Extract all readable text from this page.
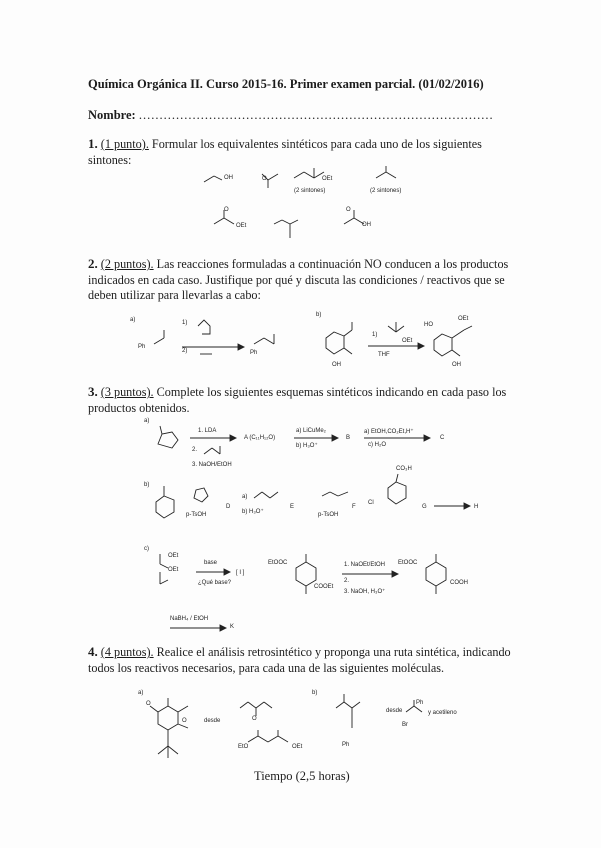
Química Orgánica II. Curso 2015-16. Primer examen parcial. (01/02/2016)
Nombre: ......................................................................................
1. (1 punto). Formular los equivalentes sintéticos para cada uno de los siguientes sintones:
OH	O	OEt
(2 sintones)	(2 sintones)
O
OEt
O
OH
2. (2 puntos). Las reacciones formuladas a continuación NO conducen a los productos indicados en cada caso. Justifique por qué y discuta las condiciones / reactivos que se deben utilizar para llevarlas a cabo:
a)	1)
Ph
2)	Ph
b)
1)
OEt
THF
HO
OEt
OH	OH
3. (3 puntos). Complete los siguientes esquemas sintéticos indicando en cada paso los productos obtenidos.
a)
1. LDA
2.
3. NaOH/EtOH
A (C₁₁H₁₂O)
a) LiCuMe₂
b) H₃O⁺
B
a) EtOH,CO₂Et,H⁺
c) H₂O
C
b)
p-TsOH
D
a)
b) H₃O⁺
E
p-TsOH
F
CO₃H
Cl
G	H
c)
OEt
OEt
base
¿Qué base?
[ I ]
EtOOC
COOEt
1. NaOEt/EtOH
2.
3. NaOH, H₃O⁺
EtOOC
COOH
NaBH₄ / EtOH
K
4. (4 puntos). Realice el análisis retrosintético y proponga una ruta sintética, indicando todos los reactivos necesarios, para cada una de las siguientes moléculas.
a)
O
O	desde	O
EtO	OEt
b)
desde
Ph
Br
y acetileno
Ph
Tiempo (2,5 horas)
